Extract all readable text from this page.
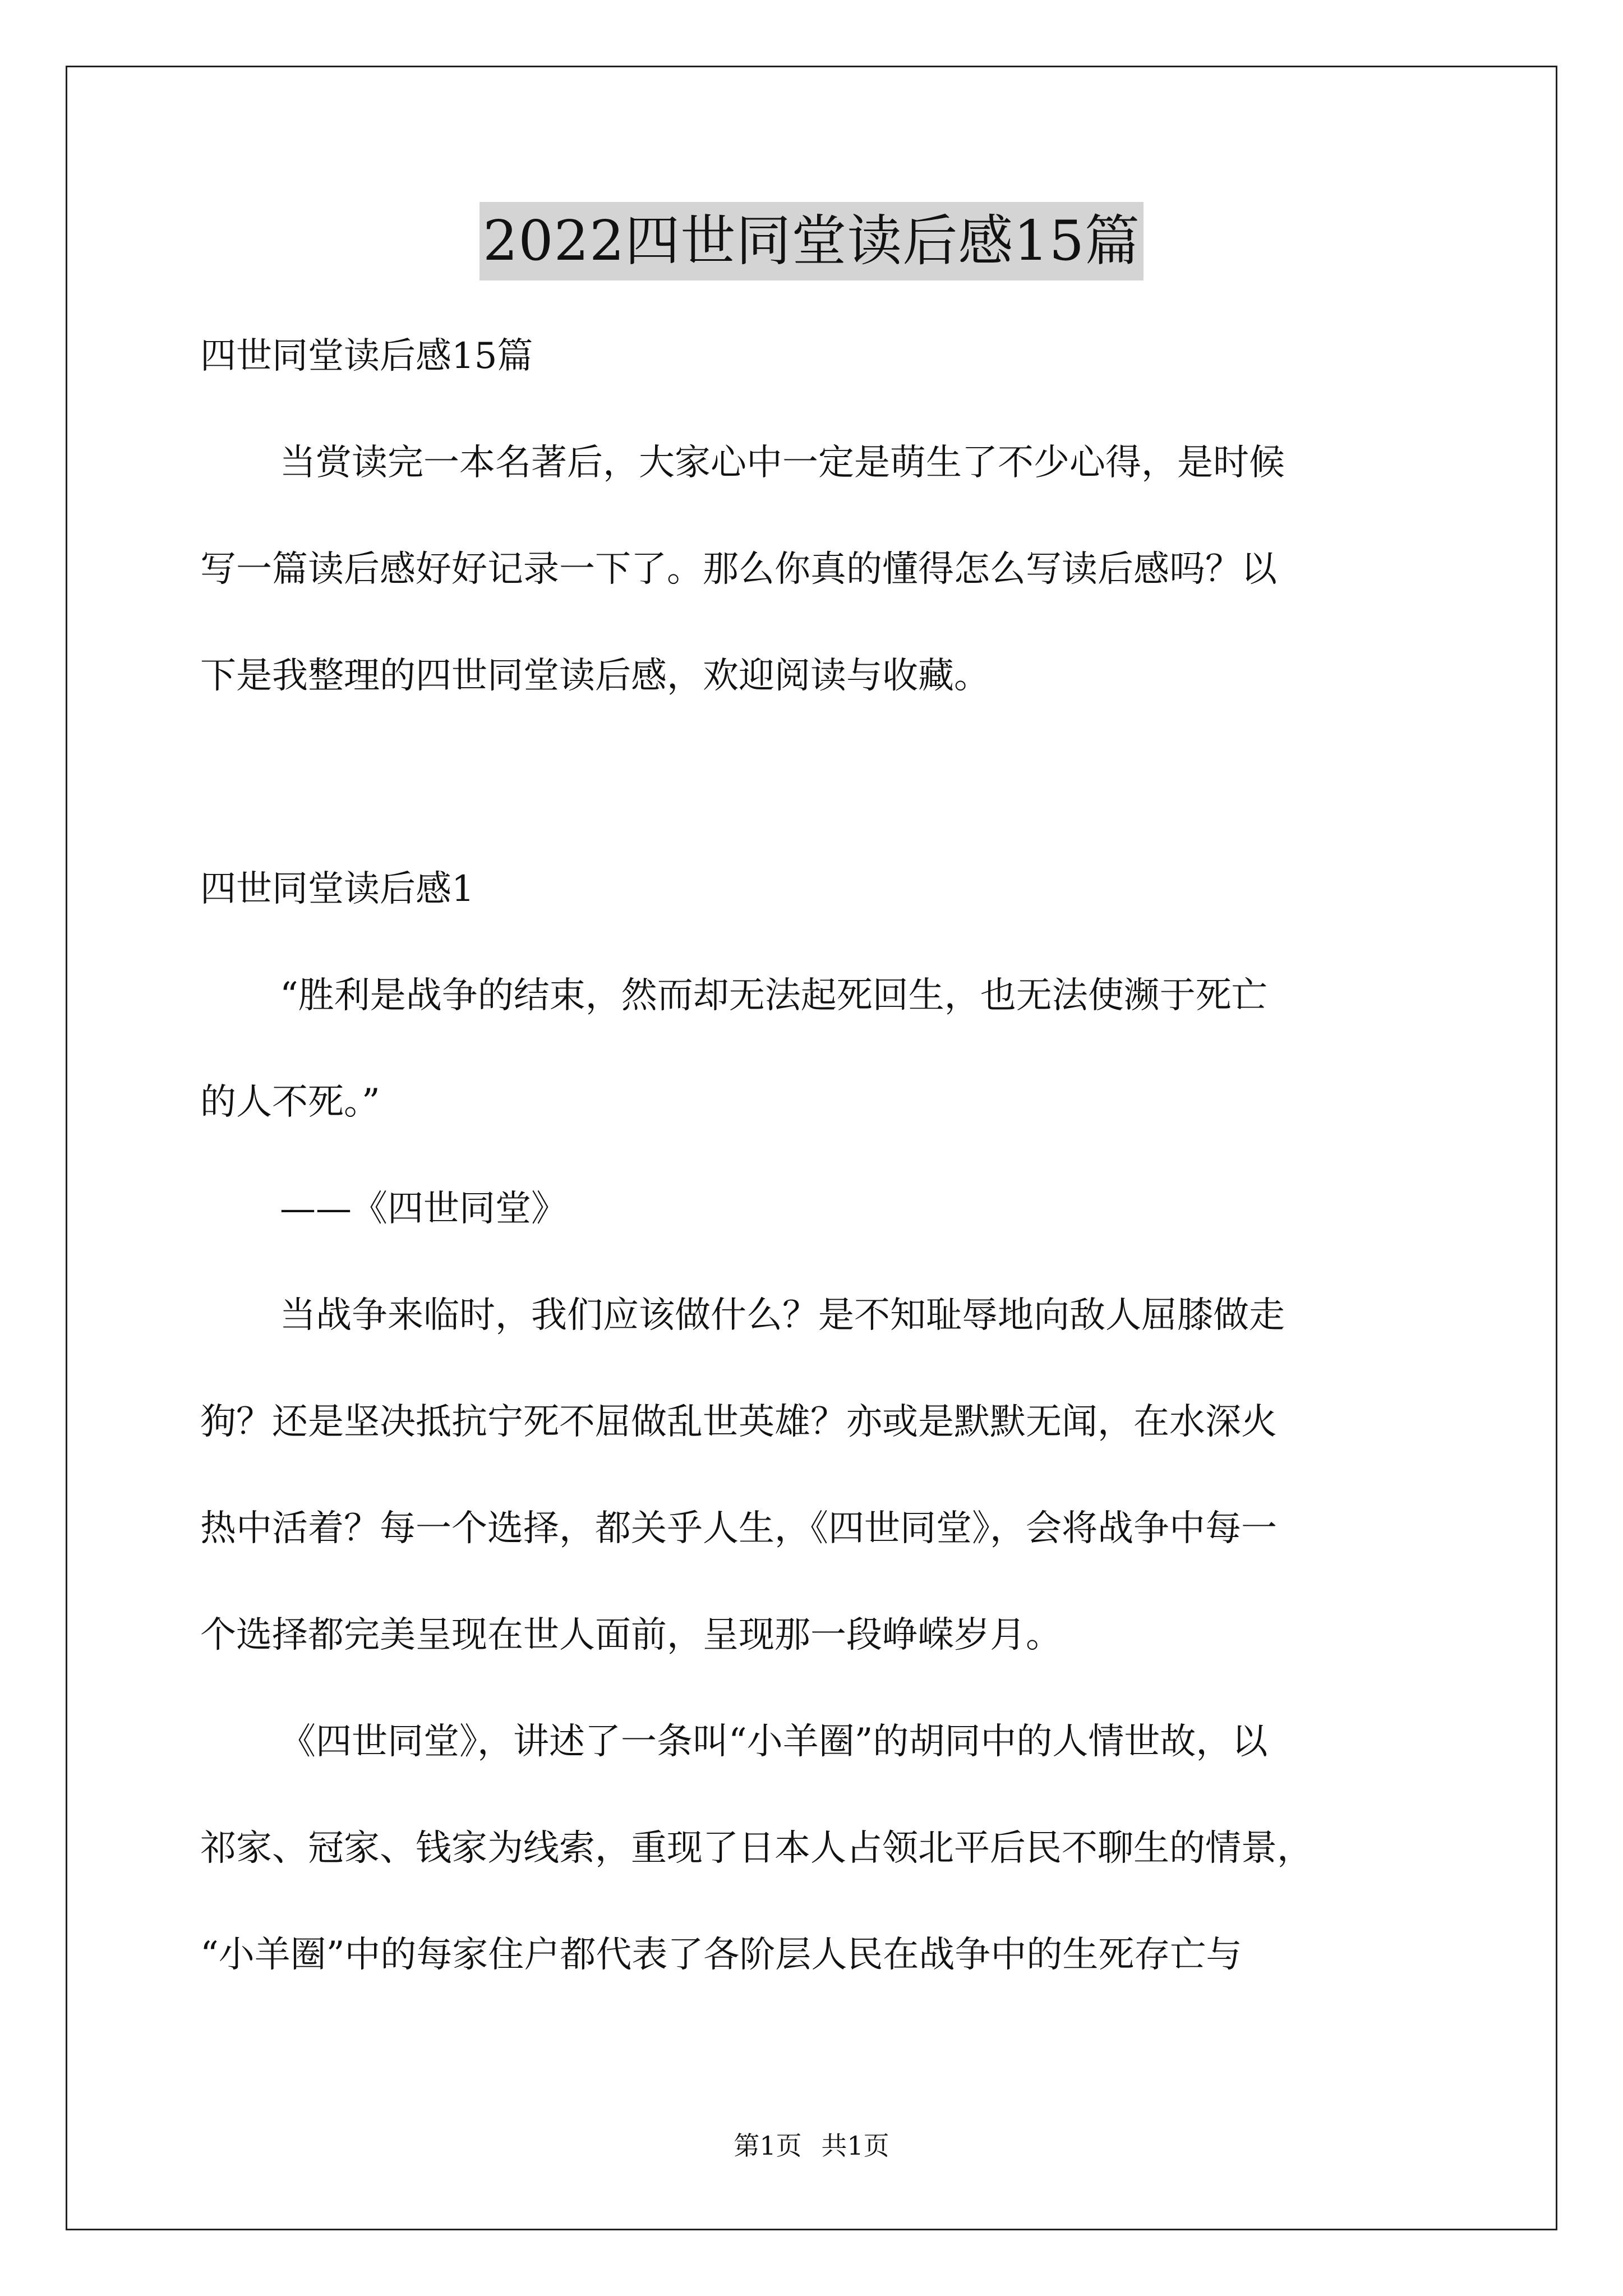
2022四世同堂读后感15篇
四世同堂读后感15篇
当赏读完一本名著后，大家心中一定是萌生了不少心得，是时候
写一篇读后感好好记录一下了。那么你真的懂得怎么写读后感吗？以
下是我整理的四世同堂读后感，欢迎阅读与收藏。
四世同堂读后感1
“胜利是战争的结束，然而却无法起死回生，也无法使濒于死亡
的人不死。”
——《四世同堂》
当战争来临时，我们应该做什么？是不知耻辱地向敌人屈膝做走
狗？还是坚决抵抗宁死不屈做乱世英雄？亦或是默默无闻，在水深火
热中活着？每一个选择，都关乎人生，《四世同堂》，会将战争中每一
个选择都完美呈现在世人面前，呈现那一段峥嵘岁月。
《四世同堂》，讲述了一条叫“小羊圈”的胡同中的人情世故，以
祁家、冠家、钱家为线索，重现了日本人占领北平后民不聊生的情景，
“小羊圈”中的每家住户都代表了各阶层人民在战争中的生死存亡与
第1页 共1页
